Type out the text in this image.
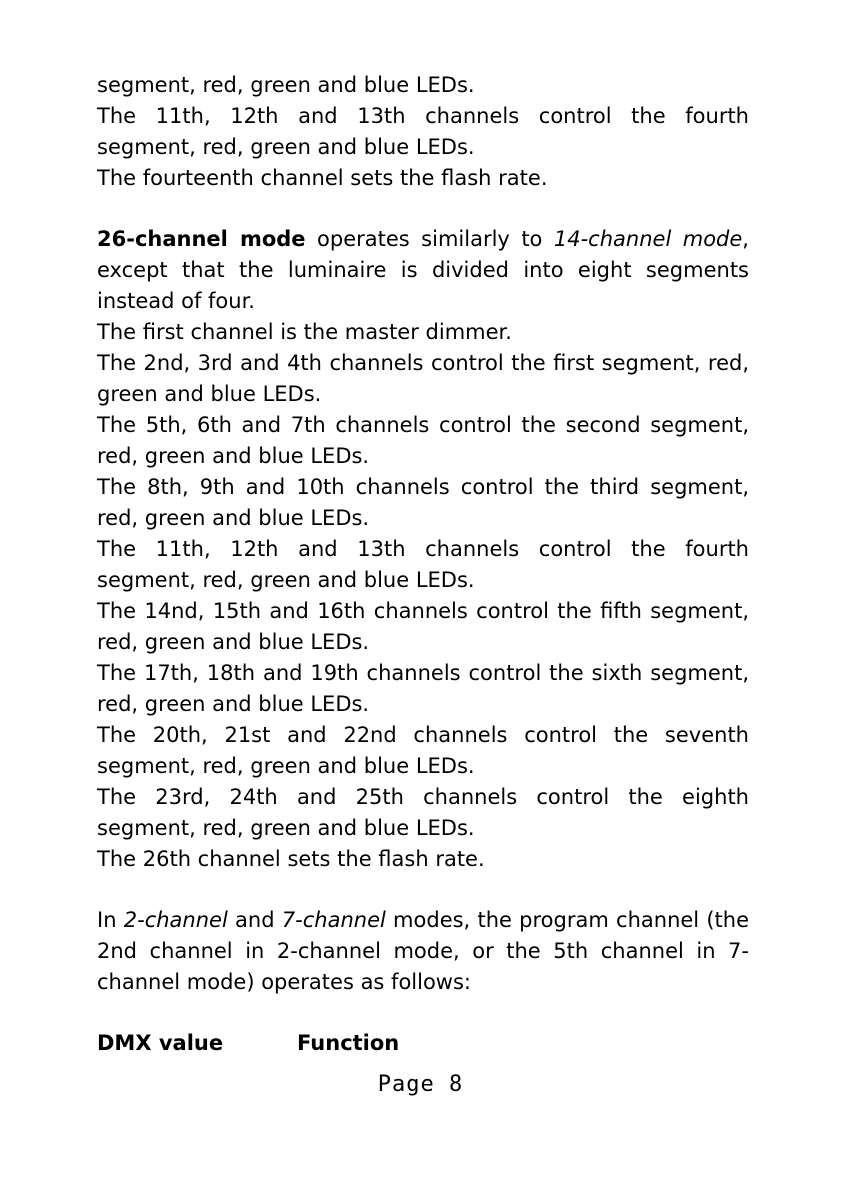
segment, red, green and blue LEDs.

The 11th, 12th and 13th channels control the fourth segment, red, green and blue LEDs.

The fourteenth channel sets the flash rate.

26-channel mode operates similarly to 14-channel mode, except that the luminaire is divided into eight segments instead of four.

The first channel is the master dimmer.

The 2nd, 3rd and 4th channels control the first segment, red, green and blue LEDs.

The 5th, 6th and 7th channels control the second segment, red, green and blue LEDs.

The 8th, 9th and 10th channels control the third segment, red, green and blue LEDs.

The 11th, 12th and 13th channels control the fourth segment, red, green and blue LEDs.

The 14nd, 15th and 16th channels control the fifth segment, red, green and blue LEDs.

The 17th, 18th and 19th channels control the sixth segment, red, green and blue LEDs.

The 20th, 21st and 22nd channels control the seventh segment, red, green and blue LEDs.

The 23rd, 24th and 25th channels control the eighth segment, red, green and blue LEDs.

The 26th channel sets the flash rate.

In 2-channel and 7-channel modes, the program channel (the 2nd channel in 2-channel mode, or the 5th channel in 7-channel mode) operates as follows:

DMX value	Function
Page 8
